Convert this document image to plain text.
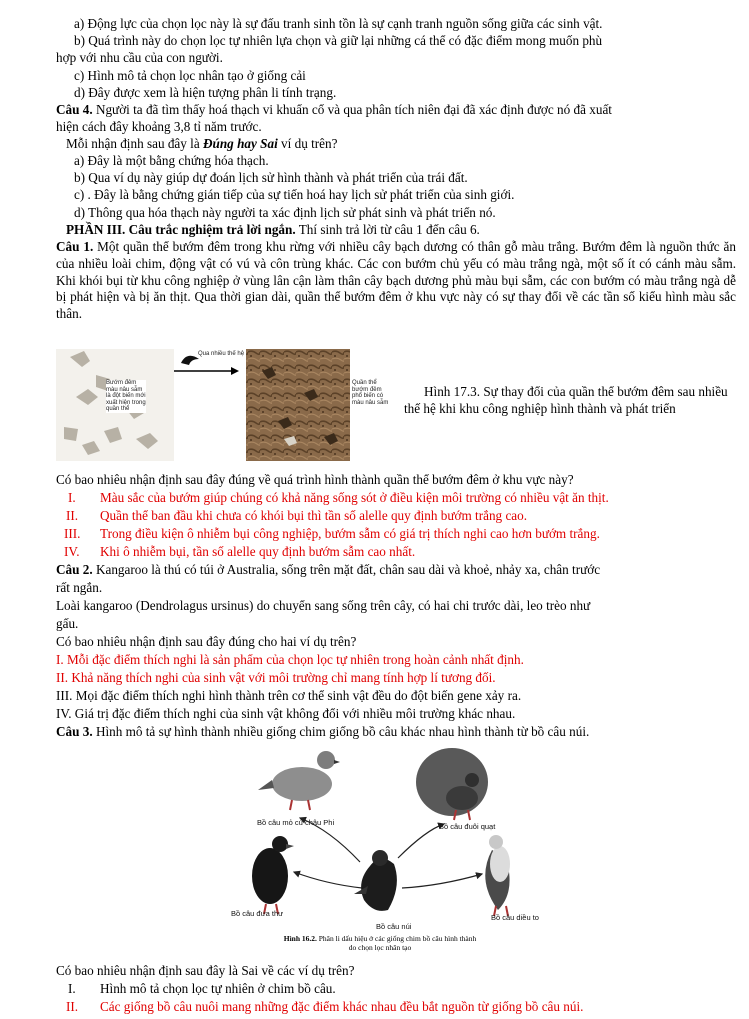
a) Động lực của chọn lọc này là sự đấu tranh sinh tồn là sự cạnh tranh nguồn sống giữa các sinh vật.
b) Quá trình này do chọn lọc tự nhiên lựa chọn và giữ lại những cá thể có đặc điểm mong muốn phù
hợp với nhu cầu của con người.
c) Hình mô tả chọn lọc nhân tạo ở giống cải
d) Đây được xem là hiện tượng phân li tính trạng.
Câu 4. Người ta đã tìm thấy hoá thạch vi khuẩn cổ và qua phân tích niên đại đã xác định được nó đã xuất
hiện cách đây khoảng 3,8 tỉ năm trước.
Mỗi nhận định sau đây là Đúng hay Sai ví dụ trên?
a) Đây là một bằng chứng hóa thạch.
b) Qua ví dụ này giúp dự đoán lịch sử hình thành và phát triển của trái đất.
c) . Đây là bằng chứng gián tiếp của sự tiến hoá hay lịch sử phát triển của sinh giới.
d) Thông qua hóa thạch này người ta xác định lịch sử phát sinh và phát triển nó.
PHẦN III. Câu trắc nghiệm trả lời ngắn. Thí sinh trả lời từ câu 1 đến câu 6.
Câu 1. Một quần thể bướm đêm trong khu rừng với nhiều cây bạch dương có thân gỗ màu trắng. Bướm đêm là nguồn thức ăn của nhiều loài chim, động vật có vú và côn trùng khác. Các con bướm chủ yếu có màu trắng ngà, một số ít có cánh màu sẫm. Khi khói bụi từ khu công nghiệp ở vùng lân cận làm thân cây bạch dương phủ màu bụi sẫm, các con bướm có màu trắng ngà dễ bị phát hiện và bị ăn thịt. Qua thời gian dài, quần thể bướm đêm ở khu vực này có sự thay đổi về các tần số kiểu hình màu sắc thân.
Qua nhiều thế hệ
Bướm đêm màu nâu sẫm là đột biến mới xuất hiện trong quần thể
Quần thể bướm đêm phổ biến có màu nâu sẫm
Hình 17.3. Sự thay đổi của quần thể bướm đêm sau nhiều thế hệ khi khu công nghiệp hình thành và phát triển
Có bao nhiêu nhận định sau đây đúng về quá trình hình thành quần thể bướm đêm ở khu vực này?
I. Màu sắc của bướm giúp chúng có khả năng sống sót ở điều kiện môi trường có nhiều vật ăn thịt.
II. Quần thể ban đầu khi chưa có khói bụi thì tần số alelle quy định bướm trắng cao.
III. Trong điều kiện ô nhiễm bụi công nghiệp, bướm sẫm có giá trị thích nghi cao hơn bướm trắng.
IV. Khi ô nhiễm bụi, tần số alelle quy định bướm sẫm cao nhất.
Câu 2. Kangaroo là thú có túi ở Australia, sống trên mặt đất, chân sau dài và khoẻ, nhảy xa, chân trước
rất ngắn.
Loài kangaroo (Dendrolagus ursinus) do chuyển sang sống trên cây, có hai chi trước dài, leo trèo như
gấu.
Có bao nhiêu nhận định sau đây đúng cho hai ví dụ trên?
I. Mỗi đặc điểm thích nghi là sản phẩm của chọn lọc tự nhiên trong hoàn cảnh nhất định.
II. Khả năng thích nghi của sinh vật với môi trường chỉ mang tính hợp lí tương đối.
III. Mọi đặc điểm thích nghi hình thành trên cơ thể sinh vật đều do đột biến gene xảy ra.
IV. Giá trị đặc điểm thích nghi của sinh vật không đổi với nhiều môi trường khác nhau.
Câu 3. Hình mô tả sự hình thành nhiều giống chim giống bồ câu khác nhau hình thành từ bồ câu núi.
Bồ câu mỏ cú châu Phi	Bồ câu đuôi quạt
Bồ câu đưa thư	Bồ câu diều to
Bồ câu núi
Hình 16.2. Phân li dấu hiệu ở các giống chim bồ câu hình thành
do chọn lọc nhân tạo
Có bao nhiêu nhận định sau đây là Sai về các ví dụ trên?
I. Hình mô tả chọn lọc tự nhiên ở chim bồ câu.
II. Các giống bồ câu nuôi mang những đặc điểm khác nhau đều bắt nguồn từ giống bồ câu núi.
